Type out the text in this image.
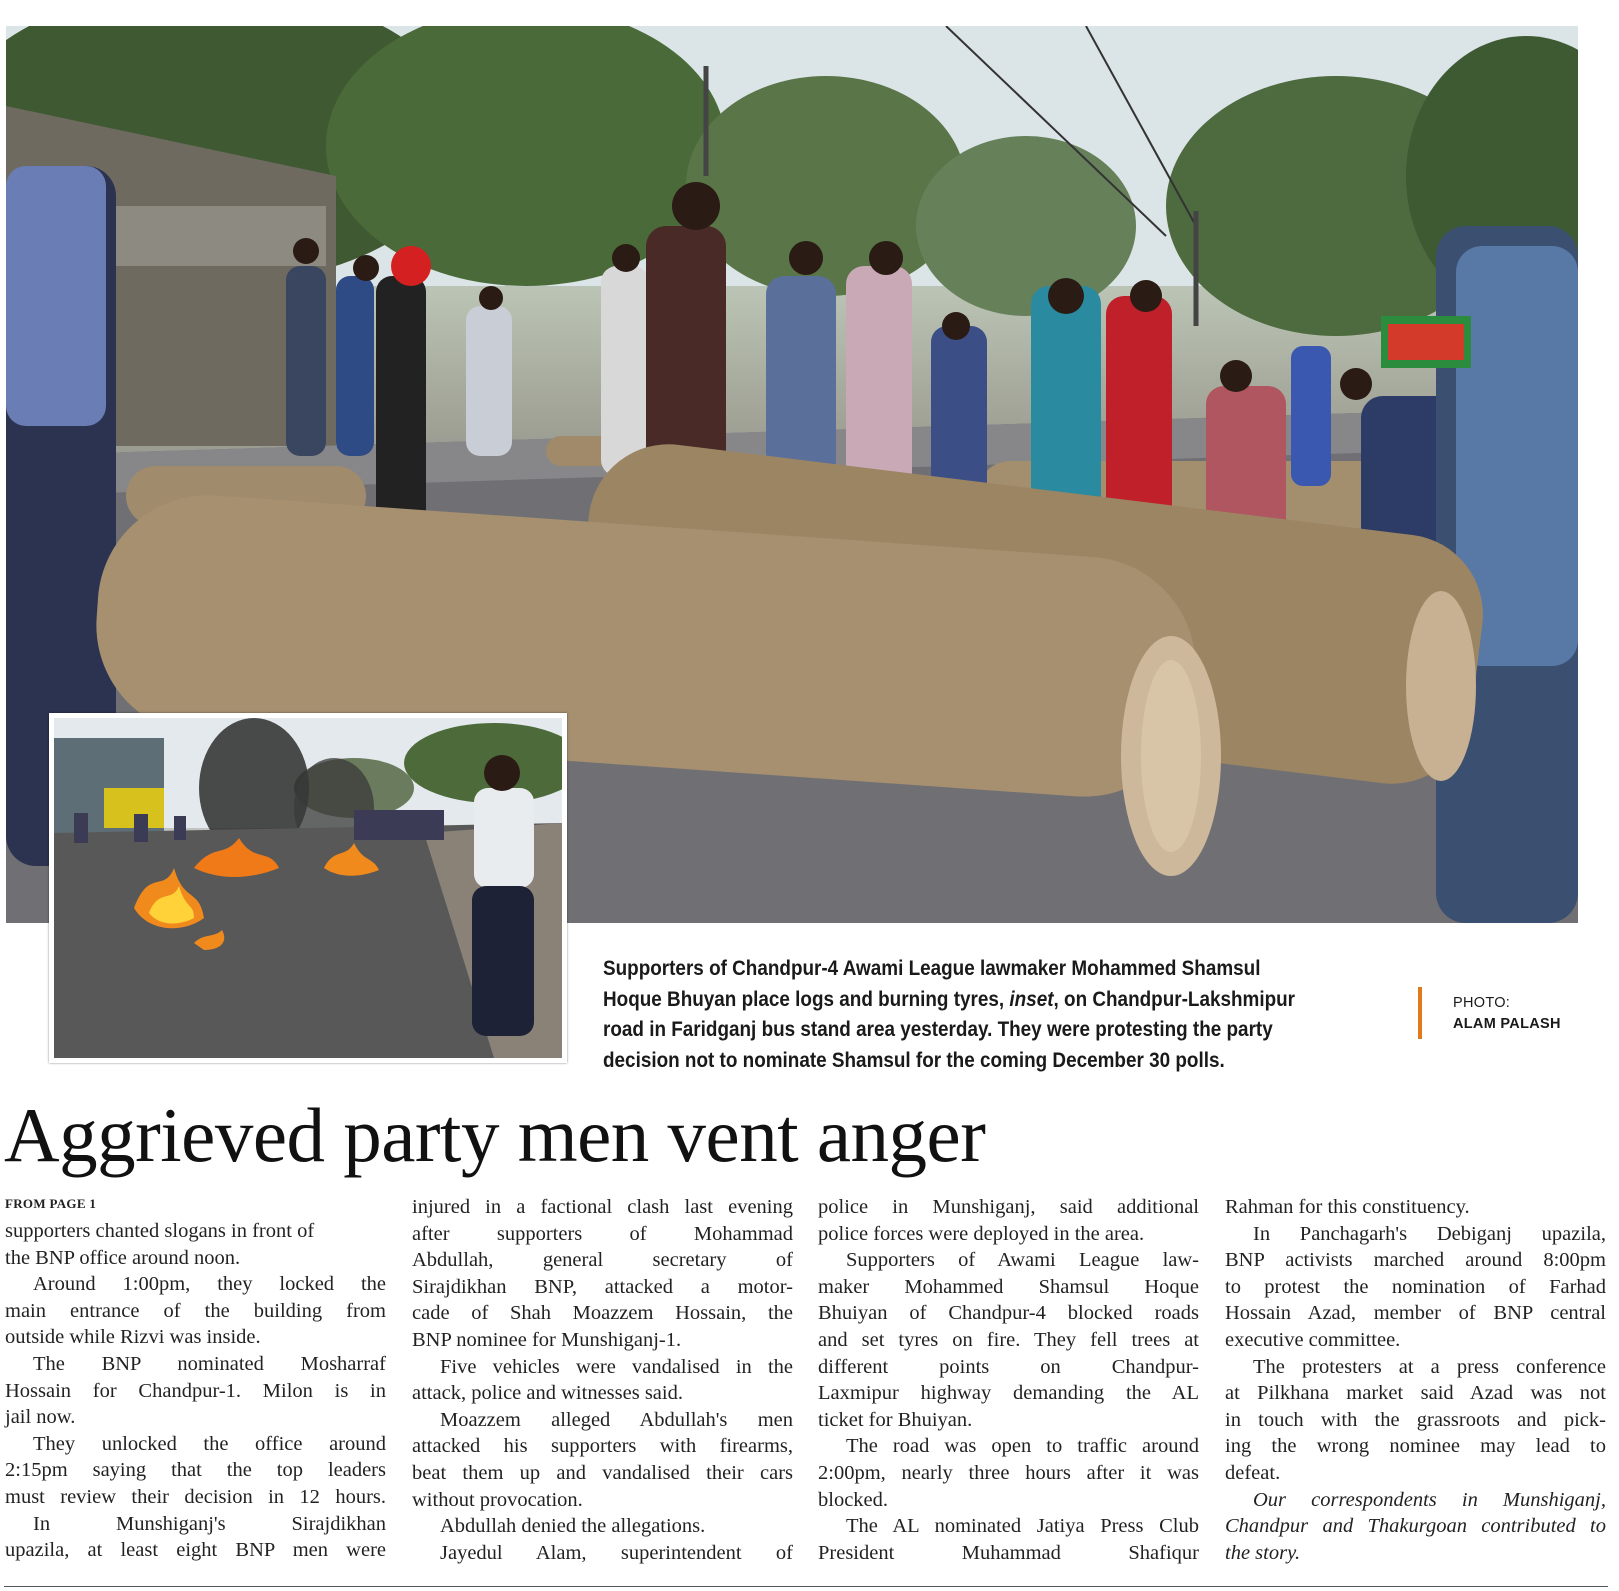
Supporters of Chandpur-4 Awami League lawmaker Mohammed Shamsul
Hoque Bhuyan place logs and burning tyres, inset, on Chandpur-Lakshmipur
road in Faridganj bus stand area yesterday. They were protesting the party
decision not to nominate Shamsul for the coming December 30 polls.
PHOTO:
ALAM PALASH
Aggrieved party men vent anger
FROM PAGE 1
supporters chanted slogans in front of
the BNP office around noon.
Around 1:00pm, they locked the
main entrance of the building from
outside while Rizvi was inside.
The BNP nominated Mosharraf
Hossain for Chandpur-1. Milon is in
jail now.
They unlocked the office around
2:15pm saying that the top leaders
must review their decision in 12 hours.
In Munshiganj's Sirajdikhan
upazila, at least eight BNP men were
injured in a factional clash last evening
after supporters of Mohammad
Abdullah, general secretary of
Sirajdikhan BNP, attacked a motor-
cade of Shah Moazzem Hossain, the
BNP nominee for Munshiganj-1.
Five vehicles were vandalised in the
attack, police and witnesses said.
Moazzem alleged Abdullah's men
attacked his supporters with firearms,
beat them up and vandalised their cars
without provocation.
Abdullah denied the allegations.
Jayedul Alam, superintendent of
police in Munshiganj, said additional
police forces were deployed in the area.
Supporters of Awami League law-
maker Mohammed Shamsul Hoque
Bhuiyan of Chandpur-4 blocked roads
and set tyres on fire. They fell trees at
different points on Chandpur-
Laxmipur highway demanding the AL
ticket for Bhuiyan.
The road was open to traffic around
2:00pm, nearly three hours after it was
blocked.
The AL nominated Jatiya Press Club
President Muhammad Shafiqur
Rahman for this constituency.
In Panchagarh's Debiganj upazila,
BNP activists marched around 8:00pm
to protest the nomination of Farhad
Hossain Azad, member of BNP central
executive committee.
The protesters at a press conference
at Pilkhana market said Azad was not
in touch with the grassroots and pick-
ing the wrong nominee may lead to
defeat.
Our correspondents in Munshiganj,
Chandpur and Thakurgoan contributed to
the story.
